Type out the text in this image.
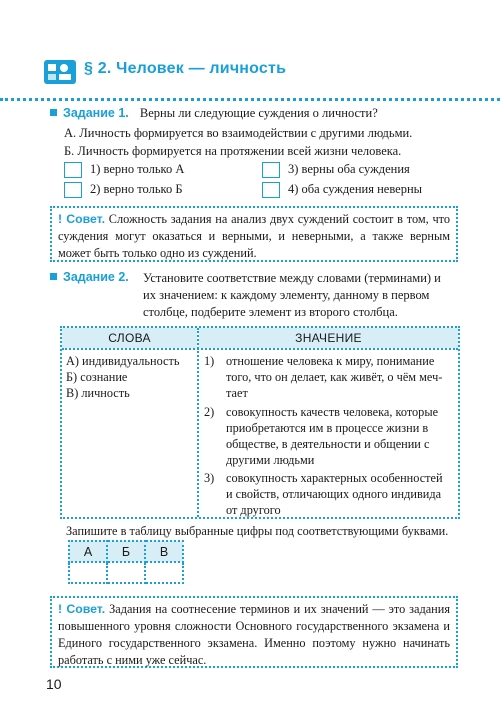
§ 2. Человек — личность
Задание 1. Верны ли следующие суждения о личности?
А. Личность формируется во взаимодействии с другими людьми.
Б. Личность формируется на протяжении всей жизни человека.
1) верно только А	3) верны оба суждения
2) верно только Б	4) оба суждения неверны
! Совет. Сложность задания на анализ двух суждений состоит в том, что суждения могут оказаться и верными, и неверными, а также верным может быть только одно из суждений.
Задание 2. Установите соответствие между словами (терминами) и
их значением: к каждому элементу, данному в первом
столбце, подберите элемент из второго столбца.
СЛОВА	ЗНАЧЕНИЕ
А) индивидуальность
Б) сознание
В) личность
1) отношение человека к миру, понимание
того, что он делает, как живёт, о чём меч-
тает
2) совокупность качеств человека, которые
приобретаются им в процессе жизни в
обществе, в деятельности и общении с
другими людьми
3) совокупность характерных особенностей
и свойств, отличающих одного индивида
от другого
Запишите в таблицу выбранные цифры под соответствующими буквами.
А	Б	В

! Совет. Задания на соотнесение терминов и их значений — это задания повышенного уровня сложности Основного государственного экзамена и Единого государственного экзамена. Именно поэтому нужно начинать работать с ними уже сейчас.
10
